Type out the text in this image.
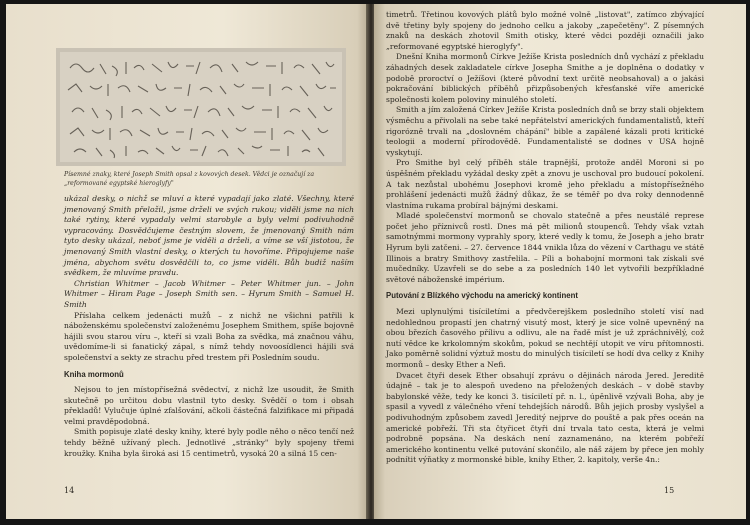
Písemné znaky, které Joseph Smith opsal z kovových desek. Vědci je označují za „reformované egyptské hieroglyfy"

ukázal desky, o nichž se mluví a které vypadají jako zlaté. Všechny, které jmenovaný Smith přeložil, jsme drželi ve svých rukou; viděli jsme na nich také rytiny, které vypadaly velmi starobyle a byly velmi podivuhodně vypracovány. Dosvědčujeme čestným slovem, že jmenovaný Smith nám tyto desky ukázal, neboť jsme je viděli a drželi, a víme se vší jistotou, že jmenovaný Smith vlastní desky, o kterých tu hovoříme. Připojujeme naše jména, abychom světu dosvědčili to, co jsme viděli. Bůh budiž naším svědkem, že mluvíme pravdu.

Christian Whitmer – Jacob Whitmer – Peter Whitmer jun. – John Whitmer – Hiram Page – Joseph Smith sen. – Hyrum Smith – Samuel H. Smith

Příslaha celkem jedenácti mužů – z nichž ne všichni patřili k náboženskému společenství založenému Josephem Smithem, spíše bojovně hájili svou starou víru –, kteří si vzali Boha za svědka, má značnou váhu, uvědomíme-li si fanatický zápal, s nímž tehdy novoosídlenci hájili svá společenství a sekty ze strachu před trestem při Posledním soudu.

Kniha mormonů

Nejsou to jen místopřísežná svědectví, z nichž lze usoudit, že Smith skutečně po určitou dobu vlastnil tyto desky. Svědčí o tom i obsah překladů! Vylučuje úplné zfalšování, ačkoli částečná falzifikace mi připadá velmi pravděpodobná.

Smith popisuje zlaté desky knihy, které byly podle něho o něco tenčí než tehdy běžně užívaný plech. Jednotlivé „stránky" byly spojeny třemi kroužky. Kniha byla široká asi 15 centimetrů, vysoká 20 a silná 15 cen-

14

timetrů. Třetinou kovových plátů bylo možné volně „listovat", zatímco zbývající dvě třetiny byly spojeny do jednoho celku a jakoby „zapečetěny". Z písemných znaků na deskách zhotovil Smith otisky, které vědci později označili jako „reformované egyptské hieroglyfy".

Dnešní Kniha mormonů Církve Ježíše Krista posledních dnů vychází z překladu záhadných desek zakladatele církve Josepha Smithe a je doplněna o dodatky v podobě proroctví o Ježíšovi (které původní text určitě neobsahoval) a o jakási pokračování biblických příběhů přizpůsobených křesťanské víře americké společnosti kolem poloviny minulého století.

Smith a jím založená Církev Ježíše Krista posledních dnů se brzy stali objektem výsměchu a přivolali na sebe také nepřátelství amerických fundamentalistů, kteří rigorózně trvali na „doslovném chápání" bible a zapálené kázali proti kritické teologii a moderní přírodovědě. Fundamentalisté se dodnes v USA hojně vyskytují.

Pro Smithe byl celý příběh stále trapnější, protože anděl Moroni si po úspěšném překladu vyžádal desky zpět a znovu je uschoval pro budoucí pokolení. A tak nezůstal ubohému Josephovi kromě jeho překladu a místopřísežného prohlášení jedenácti mužů žádný důkaz, že se téměř po dva roky dennodenně vlastníma rukama probíral bájnými deskami.

Mladé společenství mormonů se chovalo statečně a přes neustálé represe počet jeho příznivců rostl. Dnes má pět milionů stoupenců. Tehdy však vztah samotnýmmi mormony vyprahly spory, které vedly k tomu, že Joseph a jeho bratr Hyrum byli zatčeni. – 27. července 1844 vnikla lůza do vězení v Carthagu ve státě Illinois a bratry Smithovy zastřelila. – Píli a bohabojní mormoni tak získali své mučedníky. Uzavřeli se do sebe a za posledních 140 let vytvořili bezpříkladné světové náboženské impérium.

Putování z Blízkého východu na americký kontinent

Mezi uplynulými tisíciletími a předvčerejškem posledního století visí nad nedohlednou propastí jen chatrný visutý most, který je sice volně upevněný na obou březích časového přílivu a odlivu, ale na řadě míst je už zpráchnivělý, což nutí vědce ke krkolomným skokům, pokud se nechtějí utopit ve víru přítomnosti. Jako poměrně solidní výztuž mostu do minulých tisíciletí se hodí dva celky z Knihy mormonů – desky Ether a Nefi.

Dvacet čtyři desek Ether obsahují zprávu o dějinách národa Jered. Jereditě údajně – tak je to alespoň uvedeno na přeložených deskách – v době stavby babylonské věže, tedy ke konci 3. tisíciletí př. n. l., úpěnlivě vzývali Boha, aby je spasil a vyvedl z válečného vření tehdejších národů. Bůh jejich prosby vyslyšel a podivuhodným způsobem zavedl Jereditý nejprve do pouště a pak přes oceán na americké pobřeží. Tři sta čtyřicet čtyři dní trvala tato cesta, která je velmi podrobně popsána. Na deskách není zaznamenáno, na kterém pobřeží amerického kontinentu velké putování skončilo, ale náš zájem by přece jen mohly podnítit výňatky z mormonské bible, knihy Ether, 2. kapitoly, verše 4n.:

15
